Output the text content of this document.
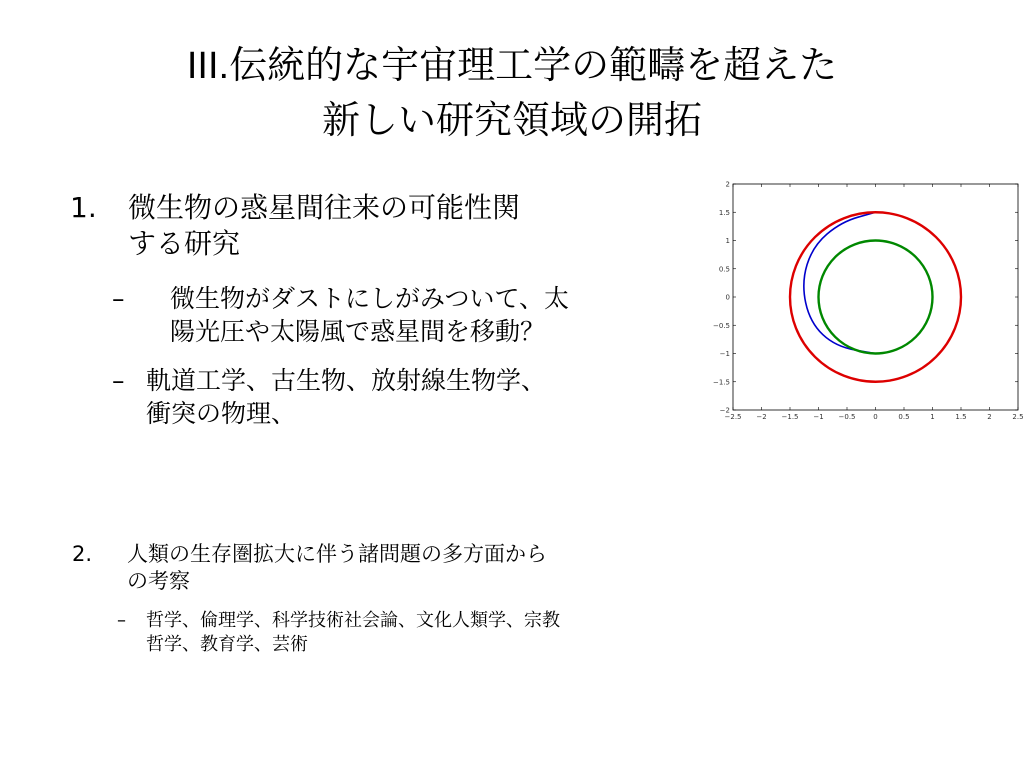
III.伝統的な宇宙理工学の範疇を超えた
新しい研究領域の開拓
1. 微生物の惑星間往来の可能性関
する研究
– 微生物がダストにしがみついて、太
陽光圧や太陽風で惑星間を移動？
– 軌道工学、古生物、放射線生物学、
衝突の物理、
2. 人類の生存圏拡大に伴う諸問題の多方面から
の考察
– 哲学、倫理学、科学技術社会論、文化人類学、宗教
哲学、教育学、芸術
−2.5 −2 −1.5 −1 −0.5	0	0.5	1	1.5	2	2.5
2
1.5
1
0.5
0
−0.5
−1
−1.5
−2
